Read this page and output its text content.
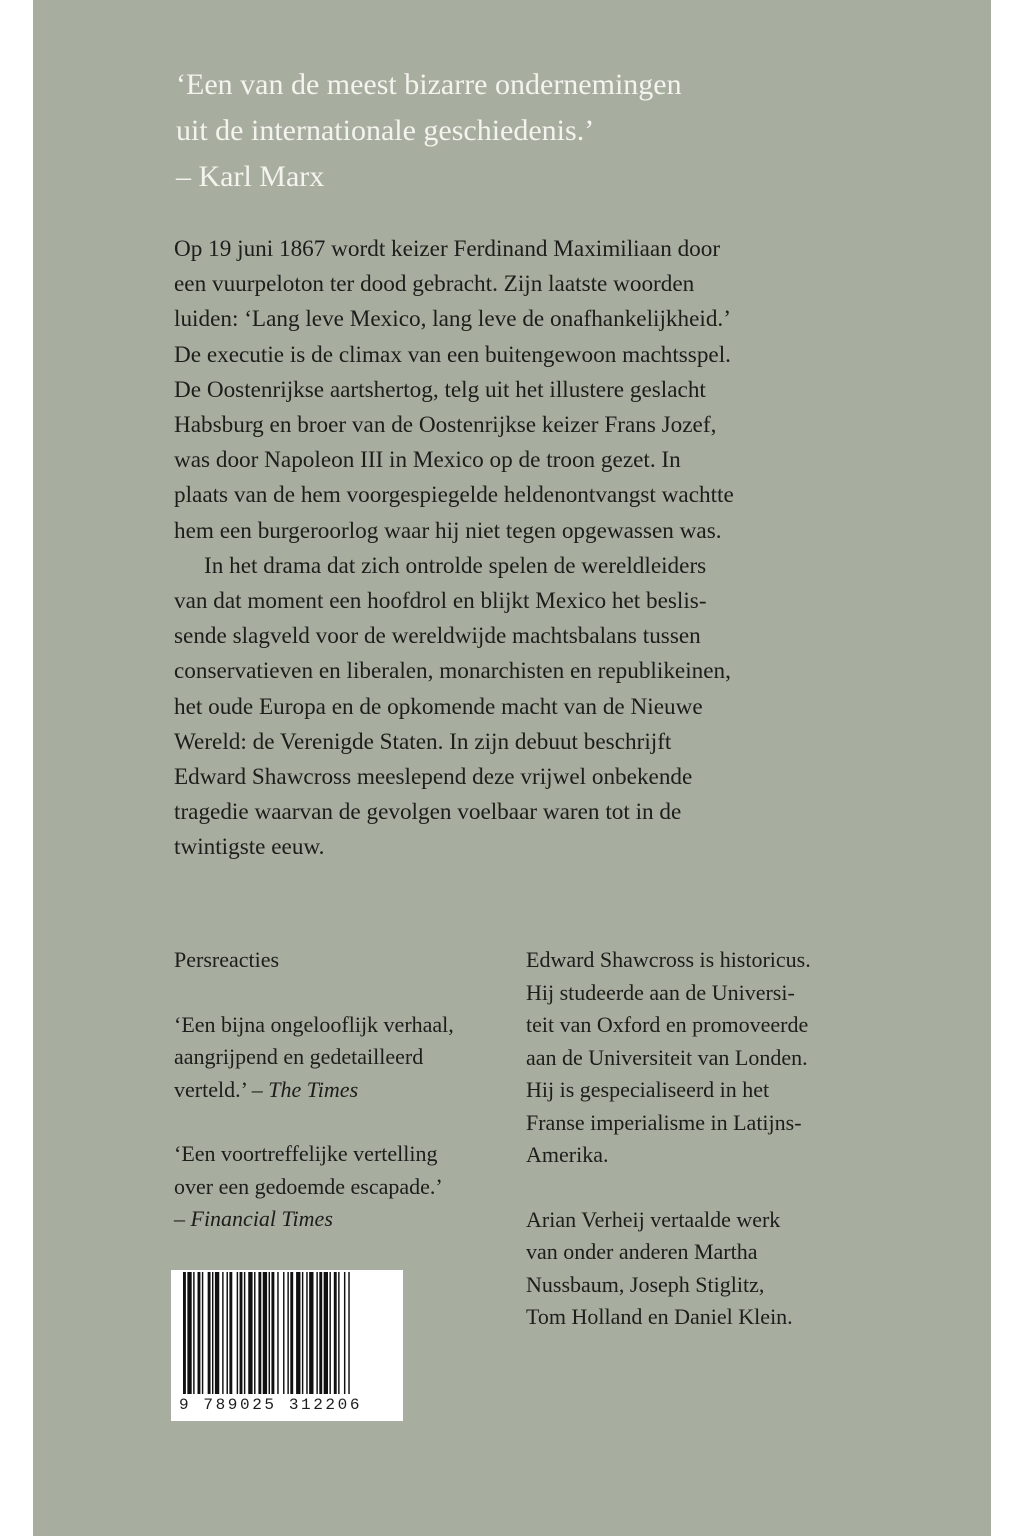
‘Een van de meest bizarre ondernemingen
uit de internationale geschiedenis.’
– Karl Marx
Op 19 juni 1867 wordt keizer Ferdinand Maximiliaan door
een vuurpeloton ter dood gebracht. Zijn laatste woorden
luiden: ‘Lang leve Mexico, lang leve de onafhankelijkheid.’
De executie is de climax van een buitengewoon machtsspel.
De Oostenrijkse aartshertog, telg uit het illustere geslacht
Habsburg en broer van de Oostenrijkse keizer Frans Jozef,
was door Napoleon III in Mexico op de troon gezet. In
plaats van de hem voorgespiegelde heldenontvangst wachtte
hem een burgeroorlog waar hij niet tegen opgewassen was.
In het drama dat zich ontrolde spelen de wereldleiders
van dat moment een hoofdrol en blijkt Mexico het beslis-
sende slagveld voor de wereldwijde machtsbalans tussen
conservatieven en liberalen, monarchisten en republikeinen,
het oude Europa en de opkomende macht van de Nieuwe
Wereld: de Verenigde Staten. In zijn debuut beschrijft
Edward Shawcross meeslepend deze vrijwel onbekende
tragedie waarvan de gevolgen voelbaar waren tot in de
twintigste eeuw.
Persreacties
‘Een bijna ongelooflijk verhaal,
aangrijpend en gedetailleerd
verteld.’ – The Times
‘Een voortreffelijke vertelling
over een gedoemde escapade.’
– Financial Times
Edward Shawcross is historicus.
Hij studeerde aan de Universi-
teit van Oxford en promoveerde
aan de Universiteit van Londen.
Hij is gespecialiseerd in het
Franse imperialisme in Latijns-
Amerika.
Arian Verheij vertaalde werk
van onder anderen Martha
Nussbaum, Joseph Stiglitz,
Tom Holland en Daniel Klein.
9 789025 312206
